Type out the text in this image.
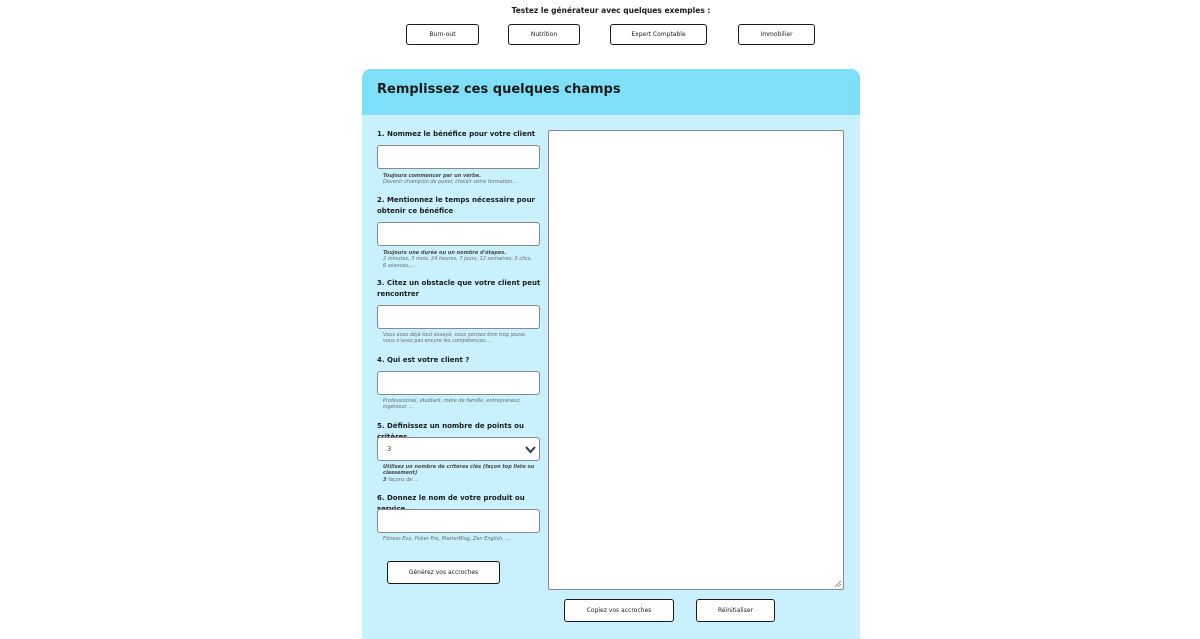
Testez le générateur avec quelques exemples :
Burn-out	Nutrition	Expert Comptable	Immobilier
Remplissez ces quelques champs
1. Nommez le bénéfice pour votre client
Toujours commencer par un verbe.
Devenir champion de poker, choisir votre formation...
2. Mentionnez le temps nécessaire pour obtenir ce bénéfice
Toujours une durée ou un nombre d'étapes.
2 minutes, 3 mois, 24 heures, 7 jours, 12 semaines, 3 clics, 6 séances,...
3. Citez un obstacle que votre client peut rencontrer
Vous avez déjà tout essayé, vous pensez être trop jeune, vous n'avez pas encore les compétences ...
4. Qui est votre client ?
Professionnel, étudiant, mère de famille, entrepreneur, ingénieur, ...
5. Définissez un nombre de points ou
3
Utilisez un nombre de critères clés (façon top liste ou classement)
3 façons de ...
6. Donnez le nom de votre produit ou
Fitness Evo, Poker Pro, MasterBlog, Zen English, ...
Générez vos accroches
Copiez vos accroches	Réinitialiser
